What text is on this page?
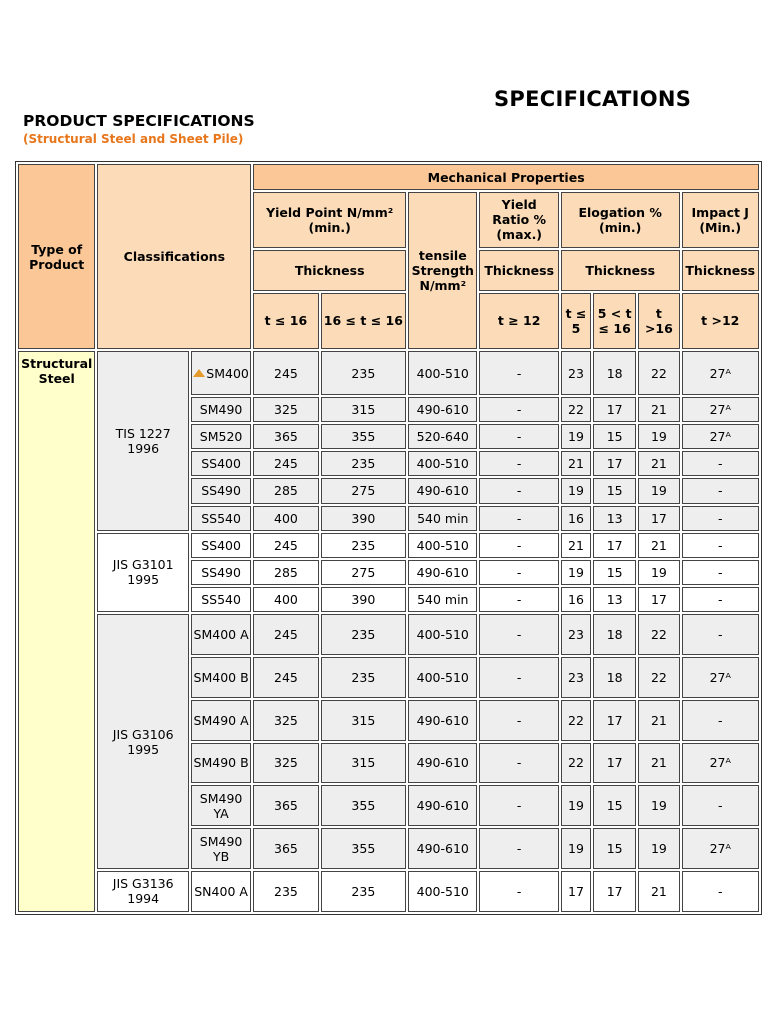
SPECIFICATIONS
PRODUCT SPECIFICATIONS
(Structural Steel and Sheet Pile)
Type of Product	Classifications		Mechanical Properties							
			Yield Point N/mm² (min.)		tensile Strength N/mm²	Yield Ratio % (max.)	Elogation % (min.)			Impact J (Min.)
			Thickness			Thickness	Thickness			Thickness
			t ≤ 16	16 ≤ t ≤ 16		t ≥ 12	t ≤ 5	5 < t ≤ 16	t >16	t >12
Structural Steel	TIS 1227 1996	SM400	245	235	400-510	-	23	18	22	27ᴬ
		SM490	325	315	490-610	-	22	17	21	27ᴬ
		SM520	365	355	520-640	-	19	15	19	27ᴬ
		SS400	245	235	400-510	-	21	17	21	-
		SS490	285	275	490-610	-	19	15	19	-
		SS540	400	390	540 min	-	16	13	17	-
	JIS G3101 1995	SS400	245	235	400-510	-	21	17	21	-
		SS490	285	275	490-610	-	19	15	19	-
		SS540	400	390	540 min	-	16	13	17	-
	JIS G3106 1995	SM400 A	245	235	400-510	-	23	18	22	-
		SM400 B	245	235	400-510	-	23	18	22	27ᴬ
		SM490 A	325	315	490-610	-	22	17	21	-
		SM490 B	325	315	490-610	-	22	17	21	27ᴬ
		SM490 YA	365	355	490-610	-	19	15	19	-
		SM490 YB	365	355	490-610	-	19	15	19	27ᴬ
	JIS G3136 1994	SN400 A	235	235	400-510	-	17	17	21	-
